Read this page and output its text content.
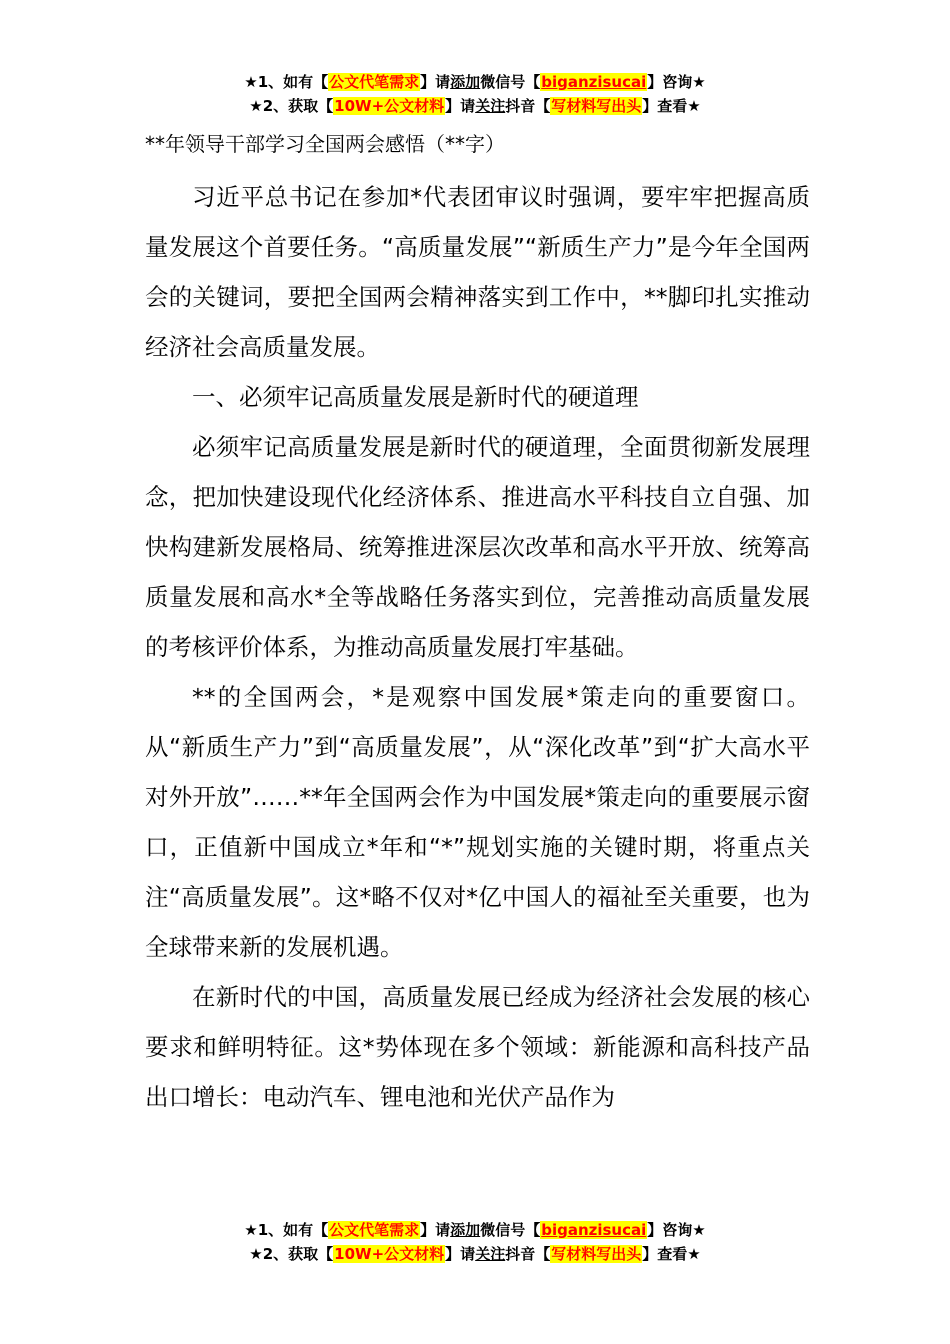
★1、如有【公文代笔需求】请添加微信号【biganzisucai】咨询★
★2、获取【10W+公文材料】请关注抖音【写材料写出头】查看★
**年领导干部学习全国两会感悟（**字）

习近平总书记在参加*代表团审议时强调，要牢牢把握高质量发展这个首要任务。“高质量发展”“新质生产力”是今年全国两会的关键词，要把全国两会精神落实到工作中，**脚印扎实推动经济社会高质量发展。

一、必须牢记高质量发展是新时代的硬道理

必须牢记高质量发展是新时代的硬道理，全面贯彻新发展理念，把加快建设现代化经济体系、推进高水平科技自立自强、加快构建新发展格局、统筹推进深层次改革和高水平开放、统筹高质量发展和高水*全等战略任务落实到位，完善推动高质量发展的考核评价体系，为推动高质量发展打牢基础。

**的全国两会，*是观察中国发展*策走向的重要窗口。从“新质生产力”到“高质量发展”，从“深化改革”到“扩大高水平对外开放”……**年全国两会作为中国发展*策走向的重要展示窗口，正值新中国成立*年和“*”规划实施的关键时期，将重点关注“高质量发展”。这*略不仅对*亿中国人的福祉至关重要，也为全球带来新的发展机遇。

在新时代的中国，高质量发展已经成为经济社会发展的核心要求和鲜明特征。这*势体现在多个领域：新能源和高科技产品出口增长：电动汽车、锂电池和光伏产品作为

★1、如有【公文代笔需求】请添加微信号【biganzisucai】咨询★
★2、获取【10W+公文材料】请关注抖音【写材料写出头】查看★
